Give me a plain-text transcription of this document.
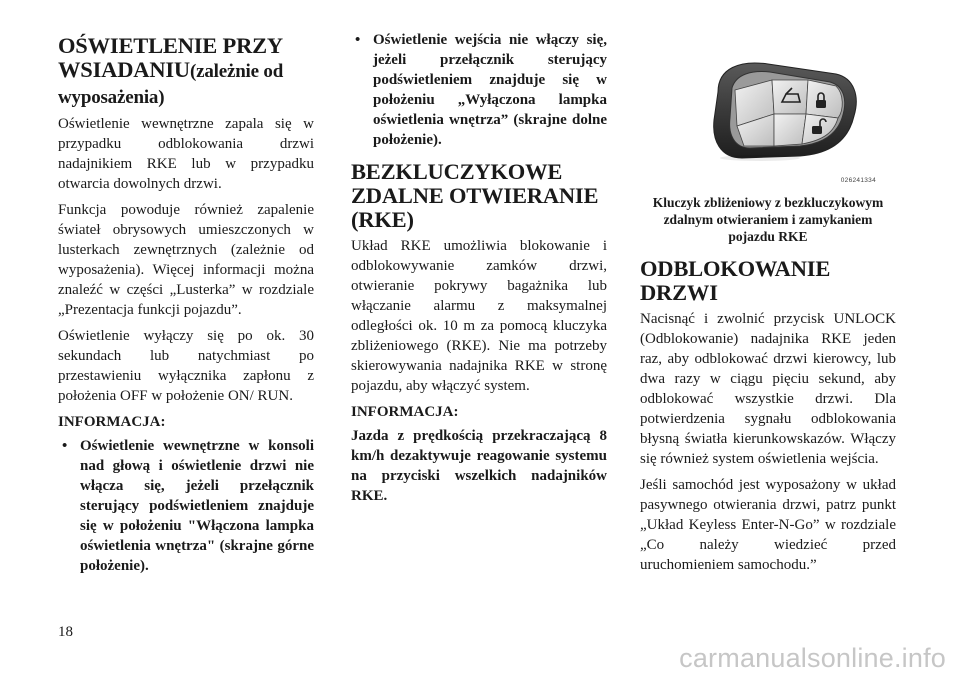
OŚWIETLENIE PRZY WSIADANIU(zależnie od wyposażenia)

Oświetlenie wewnętrzne zapala się w przypadku odblokowania drzwi nadajnikiem RKE lub w przypadku otwarcia dowolnych drzwi.

Funkcja powoduje również zapalenie świateł obrysowych umieszczonych w lusterkach zewnętrznych (zależnie od wyposażenia). Więcej informacji można znaleźć w części „Lusterka” w rozdziale „Prezentacja funkcji pojazdu”.

Oświetlenie wyłączy się po ok. 30 sekundach lub natychmiast po przestawieniu wyłącznika zapłonu z położenia OFF w położenie ON/ RUN.

INFORMACJA:
• Oświetlenie wewnętrzne w konsoli nad głową i oświetlenie drzwi nie włącza się, jeżeli przełącznik sterujący podświetleniem znajduje się w położeniu "Włączona lampka oświetlenia wnętrza" (skrajne górne położenie).
• Oświetlenie wejścia nie włączy się, jeżeli przełącznik sterujący podświetleniem znajduje się w położeniu „Wyłączona lampka oświetlenia wnętrza” (skrajne dolne położenie).
BEZKLUCZYKOWE ZDALNE OTWIERANIE (RKE)

Układ RKE umożliwia blokowanie i odblokowywanie zamków drzwi, otwieranie pokrywy bagażnika lub włączanie alarmu z maksymalnej odległości ok. 10 m za pomocą kluczyka zbliżeniowego (RKE). Nie ma potrzeby skierowywania nadajnika RKE w stronę pojazdu, aby włączyć system.

INFORMACJA:

Jazda z prędkością przekraczającą 8 km/h dezaktywuje reagowanie systemu na przyciski wszelkich nadajników RKE.

026241334
Kluczyk zbliżeniowy z bezkluczykowym zdalnym otwieraniem i zamykaniem pojazdu RKE
ODBLOKOWANIE DRZWI

Nacisnąć i zwolnić przycisk UNLOCK (Odblokowanie) nadajnika RKE jeden raz, aby odblokować drzwi kierowcy, lub dwa razy w ciągu pięciu sekund, aby odblokować wszystkie drzwi. Dla potwierdzenia sygnału odblokowania błysną światła kierunkowskazów. Włączy się również system oświetlenia wejścia.

Jeśli samochód jest wyposażony w układ pasywnego otwierania drzwi, patrz punkt „Układ Keyless Enter-N-Go” w rozdziale „Co należy wiedzieć przed uruchomieniem samochodu.”

18
carmanualsonline.info
